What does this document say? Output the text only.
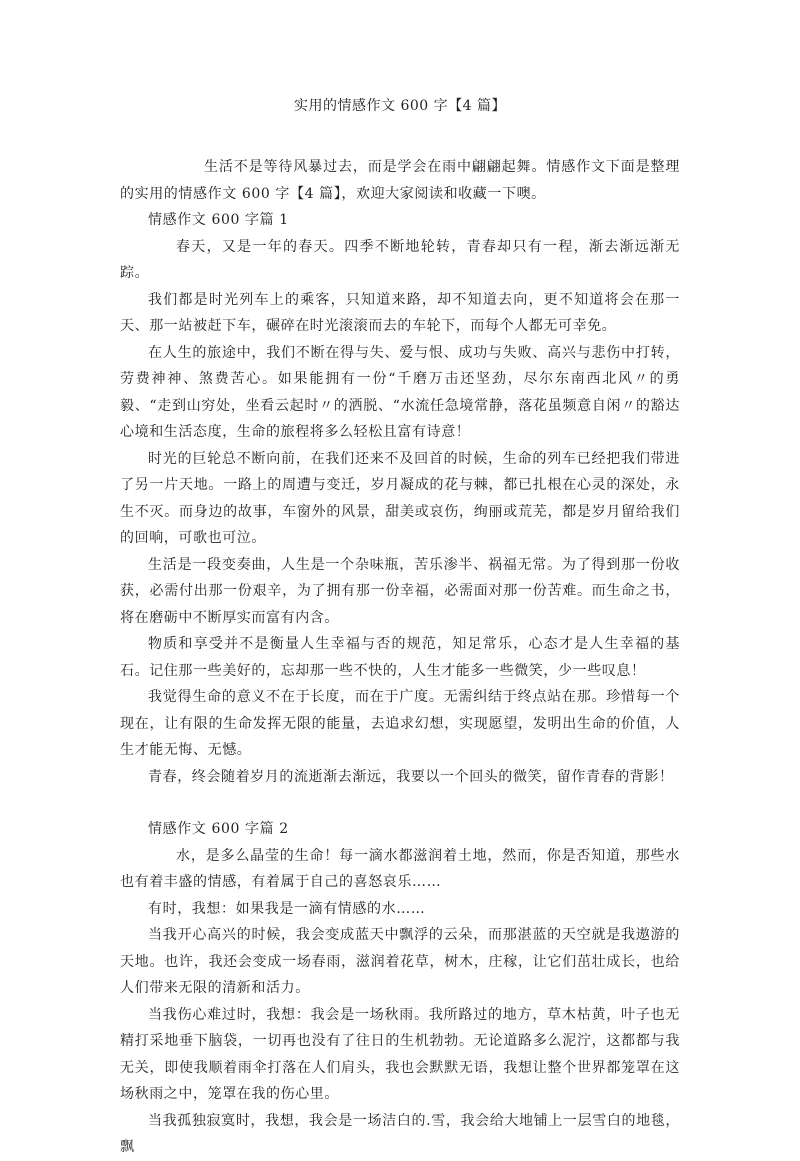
实用的情感作文 600 字【4 篇】

生活不是等待风暴过去，而是学会在雨中翩翩起舞。情感作文下面是整理的实用的情感作文 600 字【4 篇】，欢迎大家阅读和收藏一下噢。

情感作文 600 字篇 1

春天，又是一年的春天。四季不断地轮转，青春却只有一程，渐去渐远渐无踪。

我们都是时光列车上的乘客，只知道来路，却不知道去向，更不知道将会在那一天、那一站被赶下车，碾碎在时光滚滚而去的车轮下，而每个人都无可幸免。

在人生的旅途中，我们不断在得与失、爱与恨、成功与失败、高兴与悲伤中打转，劳费神神、煞费苦心。如果能拥有一份“千磨万击还坚劲，尽尔东南西北风〃的勇毅、“走到山穷处，坐看云起时〃的洒脱、“水流任急境常静，落花虽频意自闲〃的豁达心境和生活态度，生命的旅程将多么轻松且富有诗意！

时光的巨轮总不断向前，在我们还来不及回首的时候，生命的列车已经把我们带进了另一片天地。一路上的周遭与变迁，岁月凝成的花与棘，都已扎根在心灵的深处，永生不灭。而身边的故事，车窗外的风景，甜美或哀伤，绚丽或荒芜，都是岁月留给我们的回响，可歌也可泣。

生活是一段变奏曲，人生是一个杂味瓶，苦乐渗半、祸福无常。为了得到那一份收获，必需付出那一份艰辛，为了拥有那一份幸福，必需面对那一份苦难。而生命之书，将在磨砺中不断厚实而富有内含。

物质和享受并不是衡量人生幸福与否的规范，知足常乐，心态才是人生幸福的基石。记住那一些美好的，忘却那一些不快的，人生才能多一些微笑，少一些叹息！

我觉得生命的意义不在于长度，而在于广度。无需纠结于终点站在那。珍惜每一个现在，让有限的生命发挥无限的能量，去追求幻想，实现愿望，发明出生命的价值，人生才能无悔、无憾。

青春，终会随着岁月的流逝渐去渐远，我要以一个回头的微笑，留作青春的背影！

情感作文 600 字篇 2

水，是多么晶莹的生命！每一滴水都滋润着土地，然而，你是否知道，那些水也有着丰盛的情感，有着属于自己的喜怒哀乐……

有时，我想：如果我是一滴有情感的水……

当我开心高兴的时候，我会变成蓝天中飘浮的云朵，而那湛蓝的天空就是我遨游的天地。也许，我还会变成一场春雨，滋润着花草，树木，庄稼，让它们茁壮成长，也给人们带来无限的清新和活力。

当我伤心难过时，我想：我会是一场秋雨。我所路过的地方，草木枯黄，叶子也无精打采地垂下脑袋，一切再也没有了往日的生机勃勃。无论道路多么泥泞，这都都与我无关，即使我顺着雨伞打落在人们肩头，我也会默默无语，我想让整个世界都笼罩在这场秋雨之中，笼罩在我的伤心里。

当我孤独寂寞时，我想，我会是一场洁白的.雪，我会给大地铺上一层雪白的地毯，飘
